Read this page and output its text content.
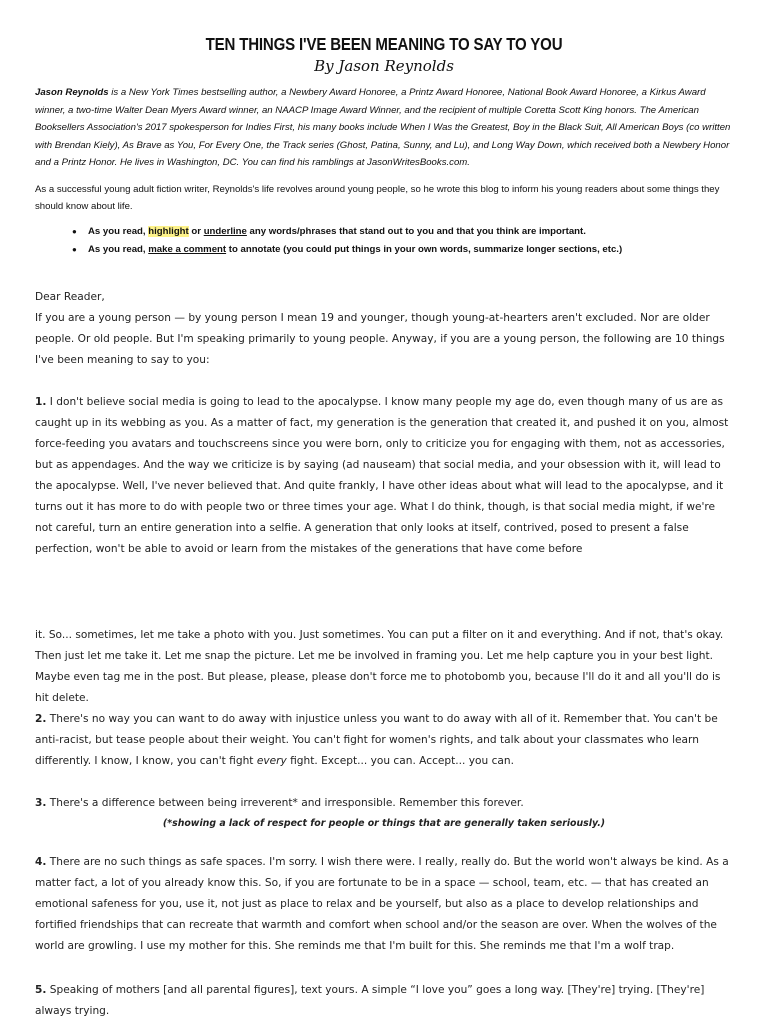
TEN THINGS I'VE BEEN MEANING TO SAY TO YOU
By Jason Reynolds

Jason Reynolds is a New York Times bestselling author, a Newbery Award Honoree, a Printz Award Honoree, National Book Award Honoree, a Kirkus Award winner, a two-time Walter Dean Myers Award winner, an NAACP Image Award Winner, and the recipient of multiple Coretta Scott King honors. The American Booksellers Association's 2017 spokesperson for Indies First, his many books include When I Was the Greatest, Boy in the Black Suit, All American Boys (co written with Brendan Kiely), As Brave as You, For Every One, the Track series (Ghost, Patina, Sunny, and Lu), and Long Way Down, which received both a Newbery Honor and a Printz Honor. He lives in Washington, DC. You can find his ramblings at JasonWritesBooks.com.

As a successful young adult fiction writer, Reynolds's life revolves around young people, so he wrote this blog to inform his young readers about some things they should know about life.

● As you read, highlight or underline any words/phrases that stand out to you and that you think are important.
● As you read, make a comment to annotate (you could put things in your own words, summarize longer sections, etc.)

Dear Reader,

If you are a young person — by young person I mean 19 and younger, though young-at-hearters aren't excluded. Nor are older people. Or old people. But I'm speaking primarily to young people. Anyway, if you are a young person, the following are 10 things I've been meaning to say to you:

1. I don't believe social media is going to lead to the apocalypse. I know many people my age do, even though many of us are as caught up in its webbing as you. As a matter of fact, my generation is the generation that created it, and pushed it on you, almost force-feeding you avatars and touchscreens since you were born, only to criticize you for engaging with them, not as accessories, but as appendages. And the way we criticize is by saying (ad nauseam) that social media, and your obsession with it, will lead to the apocalypse. Well, I've never believed that. And quite frankly, I have other ideas about what will lead to the apocalypse, and it turns out it has more to do with people two or three times your age. What I do think, though, is that social media might, if we're not careful, turn an entire generation into a selfie. A generation that only looks at itself, contrived, posed to present a false perfection, won't be able to avoid or learn from the mistakes of the generations that have come before

it. So... sometimes, let me take a photo with you. Just sometimes. You can put a filter on it and everything. And if not, that's okay. Then just let me take it. Let me snap the picture. Let me be involved in framing you. Let me help capture you in your best light. Maybe even tag me in the post. But please, please, please don't force me to photobomb you, because I'll do it and all you'll do is hit delete.

2. There's no way you can want to do away with injustice unless you want to do away with all of it. Remember that. You can't be anti-racist, but tease people about their weight. You can't fight for women's rights, and talk about your classmates who learn differently. I know, I know, you can't fight every fight. Except... you can. Accept... you can.

3. There's a difference between being irreverent* and irresponsible. Remember this forever.

(*showing a lack of respect for people or things that are generally taken seriously.)

4. There are no such things as safe spaces. I'm sorry. I wish there were. I really, really do. But the world won't always be kind. As a matter fact, a lot of you already know this. So, if you are fortunate to be in a space — school, team, etc. — that has created an emotional safeness for you, use it, not just as place to relax and be yourself, but also as a place to develop relationships and fortified friendships that can recreate that warmth and comfort when school and/or the season are over. When the wolves of the world are growling. I use my mother for this. She reminds me that I'm built for this. She reminds me that I'm a wolf trap.

5. Speaking of mothers [and all parental figures], text yours. A simple “I love you” goes a long way. [They're] trying. [They're] always trying.
